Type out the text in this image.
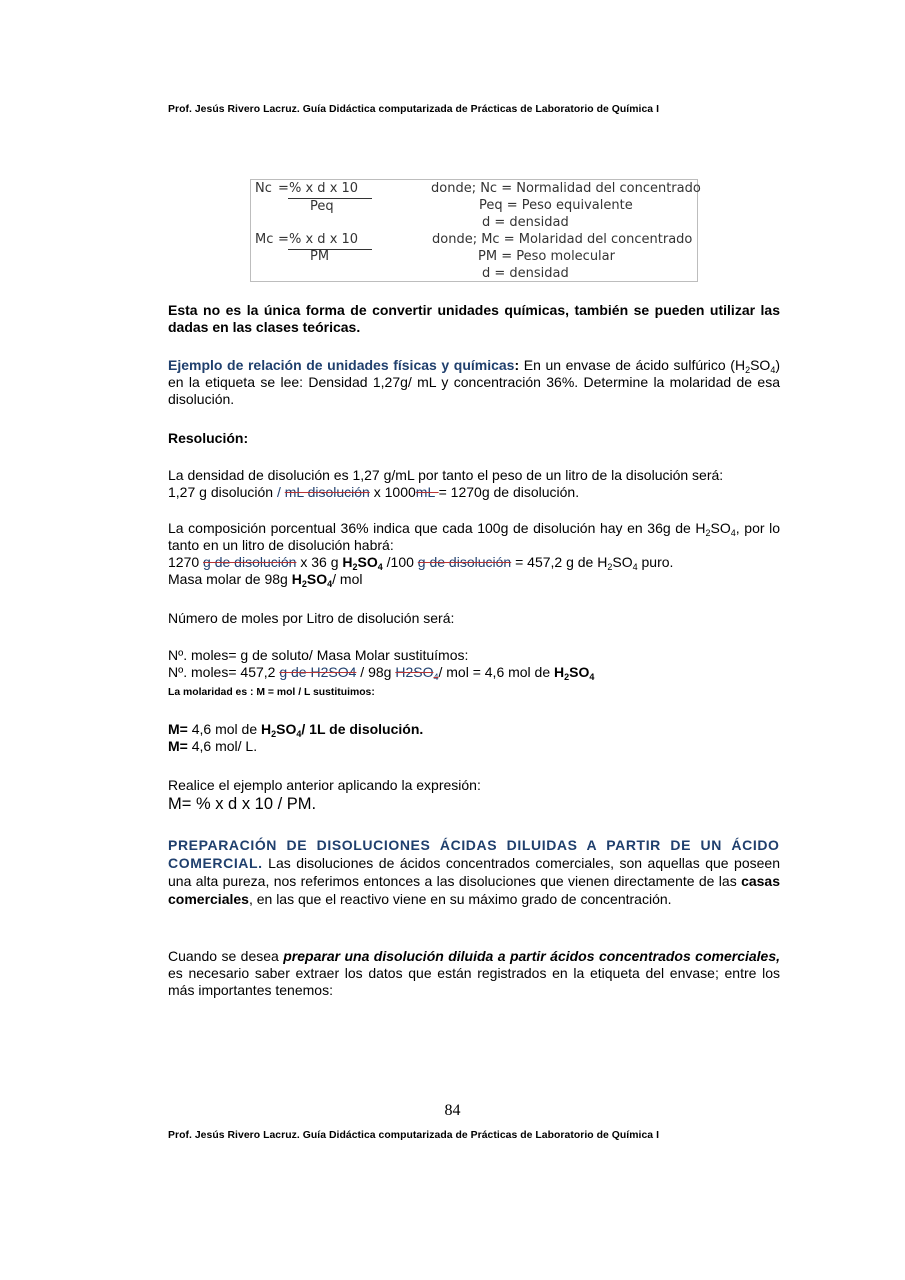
Prof. Jesús Rivero Lacruz. Guía Didáctica computarizada de Prácticas de Laboratorio de Química I
Nc = % x d x 10
Peq
donde; Nc = Normalidad del concentrado
Peq = Peso equivalente
d = densidad
Mc = % x d x 10
PM
donde; Mc = Molaridad del concentrado
PM = Peso molecular
d = densidad

Esta no es la única forma de convertir unidades químicas, también se pueden utilizar las dadas en las clases teóricas.

Ejemplo de relación de unidades físicas y químicas: En un envase de ácido sulfúrico $(H_2SO_4)$ en la etiqueta se lee: Densidad 1,27g/ mL y concentración 36%. Determine la molaridad de esa disolución.

Resolución:

La densidad de disolución es 1,27 g/mL por tanto el peso de un litro de la disolución será:

1,27 g disolución / mL disolución x 1000mL = 1270g de disolución.

La composición porcentual 36% indica que cada 100g de disolución hay en 36g de $H_2SO_4$, por lo tanto en un litro de disolución habrá:

1270 g de disolución x 36 g $H_2SO_4$ /100 g de disolución = 457,2 g de $H_2SO_4$ puro.

Masa molar de 98g $H_2SO_4/$ mol

Número de moles por Litro de disolución será:

Nº. moles= g de soluto/ Masa Molar sustituímos:

Nº. moles= 457,2 g de H2SO4 / 98g $H2SO_4/$ mol = 4,6 mol de $H_2SO_4$

La molaridad es : M = mol / L sustituimos:

M= 4,6 mol de $H_2SO_4/$ 1L de disolución.

M= 4,6 mol/ L.

Realice el ejemplo anterior aplicando la expresión:

M= % x d x 10 / PM.

PREPARACIÓN DE DISOLUCIONES ÁCIDAS DILUIDAS A PARTIR DE UN ÁCIDO

COMERCIAL. Las disoluciones de ácidos concentrados comerciales, son aquellas que poseen una alta pureza, nos referimos entonces a las disoluciones que vienen directamente de las casas comerciales, en las que el reactivo viene en su máximo grado de concentración.

Cuando se desea preparar una disolución diluida a partir ácidos concentrados comerciales, es necesario saber extraer los datos que están registrados en la etiqueta del envase; entre los más importantes tenemos:

84
Prof. Jesús Rivero Lacruz. Guía Didáctica computarizada de Prácticas de Laboratorio de Química I
